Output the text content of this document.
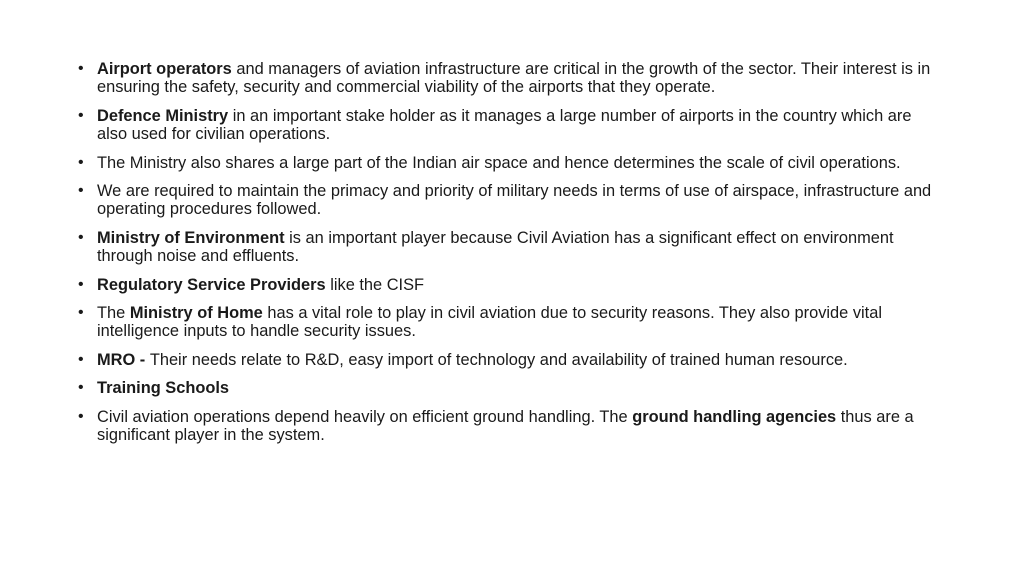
• Airport operators and managers of aviation infrastructure are critical in the growth of the sector. Their interest is in ensuring the safety, security and commercial viability of the airports that they operate.
• Defence Ministry in an important stake holder as it manages a large number of airports in the country which are also used for civilian operations.
• The Ministry also shares a large part of the Indian air space and hence determines the scale of civil operations.
• We are required to maintain the primacy and priority of military needs in terms of use of airspace, infrastructure and operating procedures followed.
• Ministry of Environment is an important player because Civil Aviation has a significant effect on environment through noise and effluents.
• Regulatory Service Providers like the CISF
• The Ministry of Home has a vital role to play in civil aviation due to security reasons. They also provide vital intelligence inputs to handle security issues.
• MRO - Their needs relate to R&D, easy import of technology and availability of trained human resource.
• Training Schools
• Civil aviation operations depend heavily on efficient ground handling. The ground handling agencies thus are a significant player in the system.
